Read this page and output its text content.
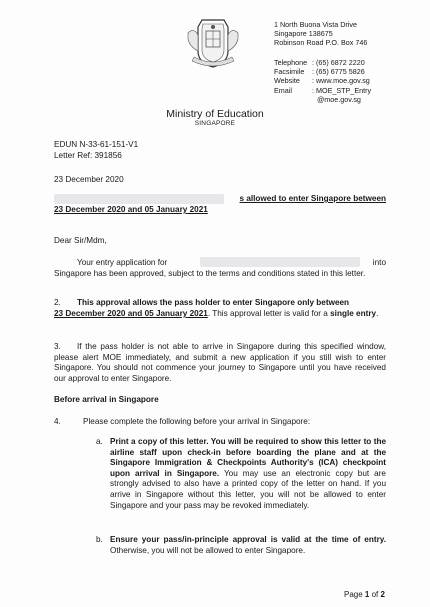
1 North Buona Vista Drive
Singapore 138675
Robinson Road P.O. Box 746
Telephone : (65) 6872 2220
Facsimile	: (65) 6775 5826
Website	: www.moe.gov.sg
Email	: MOE_STP_Entry
@moe.gov.sg
Ministry of Education
SINGAPORE
EDUN N-33-61-151-V1
Letter Ref: 391856
23 December 2020
s allowed to enter Singapore between
23 December 2020 and 05 January 2021
Dear Sir/Mdm,
Your entry application for	into
Singapore has been approved, subject to the terms and conditions stated in this letter.
2. This approval allows the pass holder to enter Singapore only between
23 December 2020 and 05 January 2021. This approval letter is valid for a single entry.
3.	If the pass holder is not able to arrive in Singapore during this specified window, please alert MOE immediately, and submit a new application if you still wish to enter Singapore. You should not commence your journey to Singapore until you have received our approval to enter Singapore.
Before arrival in Singapore
4.	Please complete the following before your arrival in Singapore:
a. Print a copy of this letter. You will be required to show this letter to the airline staff upon check-in before boarding the plane and at the Singapore Immigration & Checkpoints Authority's (ICA) checkpoint upon arrival in Singapore. You may use an electronic copy but are strongly advised to also have a printed copy of the letter on hand. If you arrive in Singapore without this letter, you will not be allowed to enter Singapore and your pass may be revoked immediately.
b. Ensure your pass/in-principle approval is valid at the time of entry. Otherwise, you will not be allowed to enter Singapore.
Page 1 of 2
